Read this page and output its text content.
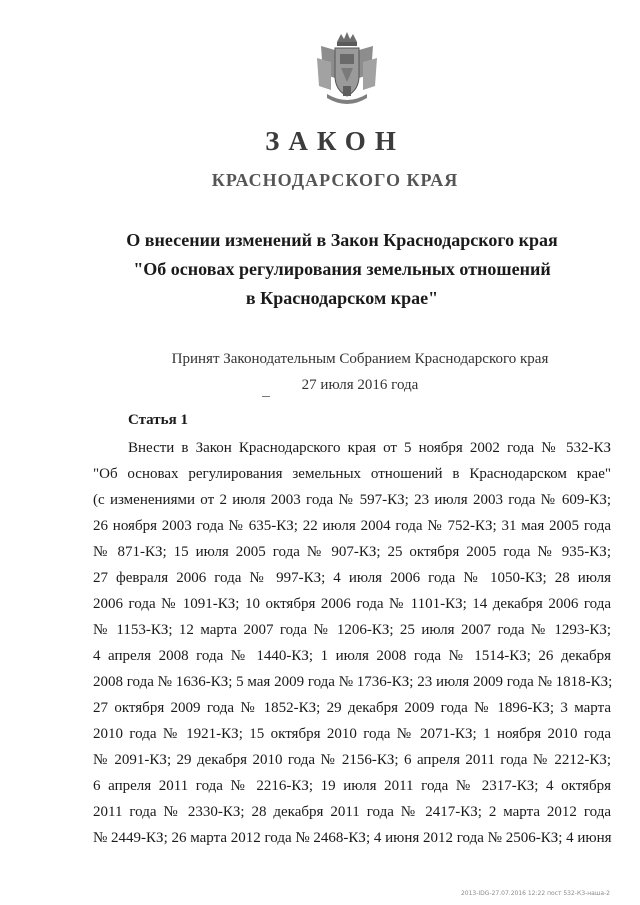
ЗАКОН
КРАСНОДАРСКОГО КРАЯ
О внесении изменений в Закон Краснодарского края
"Об основах регулирования земельных отношений
в Краснодарском крае"
Принят Законодательным Собранием Краснодарского края
27 июля 2016 года
Статья 1
Внести в Закон Краснодарского края от 5 ноября 2002 года № 532-КЗ
"Об основах регулирования земельных отношений в Краснодарском крае"
(с изменениями от 2 июля 2003 года № 597-КЗ; 23 июля 2003 года № 609-КЗ;
26 ноября 2003 года № 635-КЗ; 22 июля 2004 года № 752-КЗ; 31 мая 2005 года
№ 871-КЗ; 15 июля 2005 года № 907-КЗ; 25 октября 2005 года № 935-КЗ;
27 февраля 2006 года № 997-КЗ; 4 июля 2006 года № 1050-КЗ; 28 июля
2006 года № 1091-КЗ; 10 октября 2006 года № 1101-КЗ; 14 декабря 2006 года
№ 1153-КЗ; 12 марта 2007 года № 1206-КЗ; 25 июля 2007 года № 1293-КЗ;
4 апреля 2008 года № 1440-КЗ; 1 июля 2008 года № 1514-КЗ; 26 декабря
2008 года № 1636-КЗ; 5 мая 2009 года № 1736-КЗ; 23 июля 2009 года № 1818-КЗ;
27 октября 2009 года № 1852-КЗ; 29 декабря 2009 года № 1896-КЗ; 3 марта
2010 года № 1921-КЗ; 15 октября 2010 года № 2071-КЗ; 1 ноября 2010 года
№ 2091-КЗ; 29 декабря 2010 года № 2156-КЗ; 6 апреля 2011 года № 2212-КЗ;
6 апреля 2011 года № 2216-КЗ; 19 июля 2011 года № 2317-КЗ; 4 октября
2011 года № 2330-КЗ; 28 декабря 2011 года № 2417-КЗ; 2 марта 2012 года
№ 2449-КЗ; 26 марта 2012 года № 2468-КЗ; 4 июня 2012 года № 2506-КЗ; 4 июня
2013-IDG-27.07.2016 12:22 пост 532-КЗ-наша-2
